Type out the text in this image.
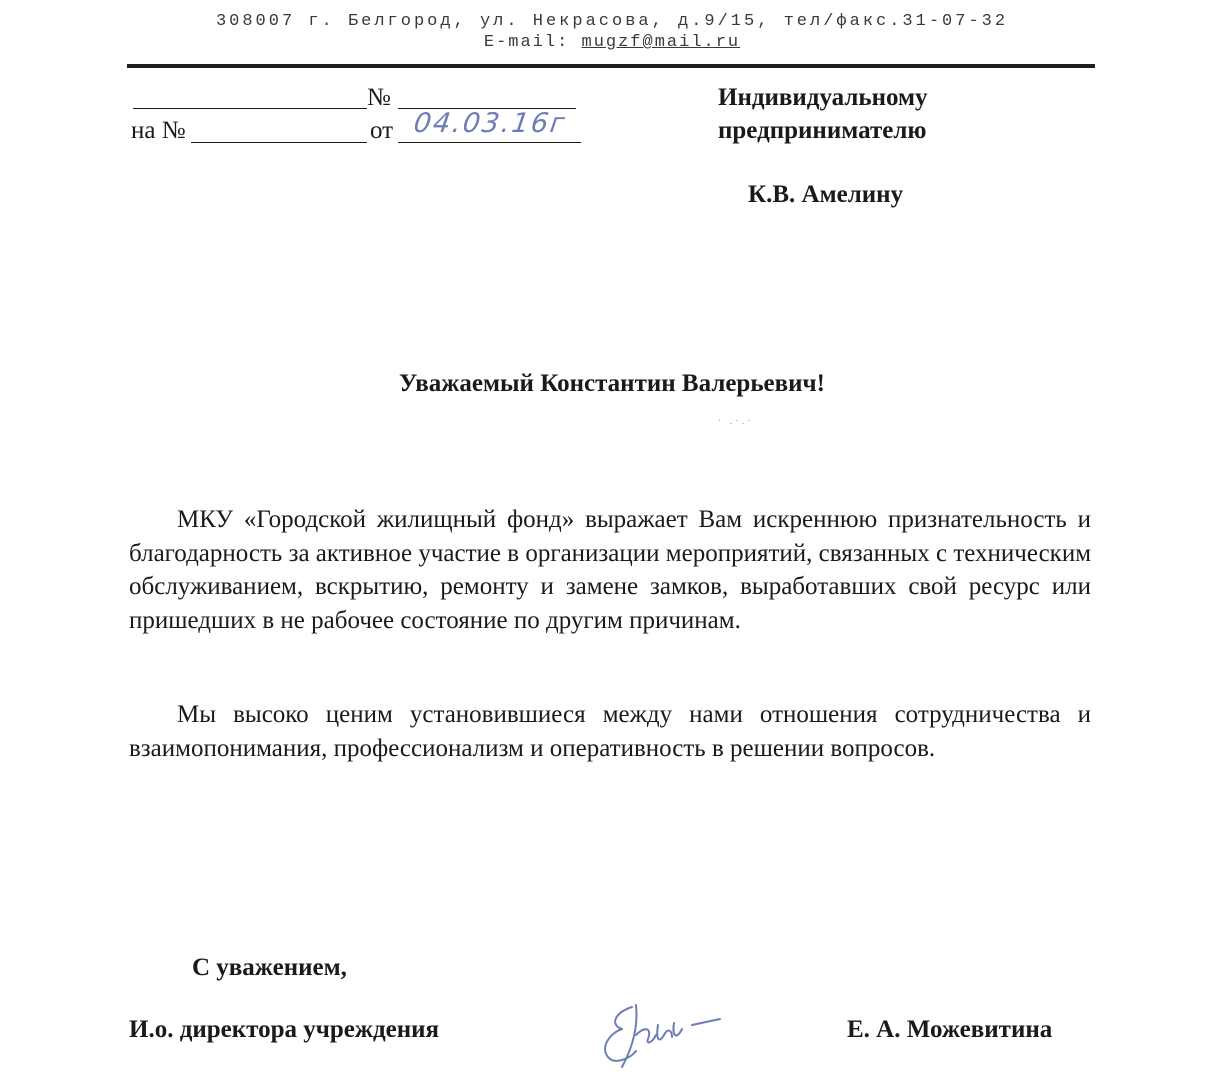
308007 г. Белгород, ул. Некрасова, д.9/15, тел/факс.31-07-32
E-mail: mugzf@mail.ru
№
на №	от 04.03.16г
Индивидуальному
предпринимателю
К.В. Амелину
Уважаемый Константин Валерьевич!
· .·.·

МКУ «Городской жилищный фонд» выражает Вам искреннюю признательность и благодарность за активное участие в организации мероприятий, связанных с техническим обслуживанием, вскрытию, ремонту и замене замков, выработавших свой ресурс или пришедших в не рабочее состояние по другим причинам.

Мы высоко ценим установившиеся между нами отношения сотрудничества и взаимопонимания, профессионализм и оперативность в решении вопросов.

С уважением,
И.о. директора учреждения	Е. А. Можевитина
